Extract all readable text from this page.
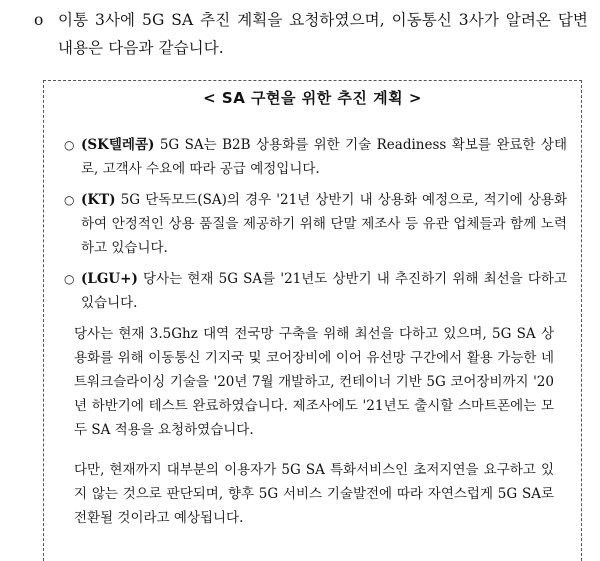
o 이통 3사에 5G SA 추진 계획을 요청하였으며, 이동통신 3사가 알려온 답변 내용은 다음과 같습니다.
< SA 구현을 위한 추진 계획 >
○ (SK텔레콤) 5G SA는 B2B 상용화를 위한 기술 Readiness 확보를 완료한 상태로, 고객사 수요에 따라 공급 예정입니다.
○ (KT) 5G 단독모드(SA)의 경우 '21년 상반기 내 상용화 예정으로, 적기에 상용화하여 안정적인 상용 품질을 제공하기 위해 단말 제조사 등 유관 업체들과 함께 노력하고 있습니다.
○ (LGU+) 당사는 현재 5G SA를 '21년도 상반기 내 추진하기 위해 최선을 다하고 있습니다.
당사는 현재 3.5Ghz 대역 전국망 구축을 위해 최선을 다하고 있으며, 5G SA 상용화를 위해 이동통신 기지국 및 코어장비에 이어 유선망 구간에서 활용 가능한 네트워크슬라이싱 기술을 '20년 7월 개발하고, 컨테이너 기반 5G 코어장비까지 '20년 하반기에 테스트 완료하였습니다. 제조사에도 '21년도 출시할 스마트폰에는 모두 SA 적용을 요청하였습니다.
다만, 현재까지 대부분의 이용자가 5G SA 특화서비스인 초저지연을 요구하고 있지 않는 것으로 판단되며, 향후 5G 서비스 기술발전에 따라 자연스럽게 5G SA로 전환될 것이라고 예상됩니다.
